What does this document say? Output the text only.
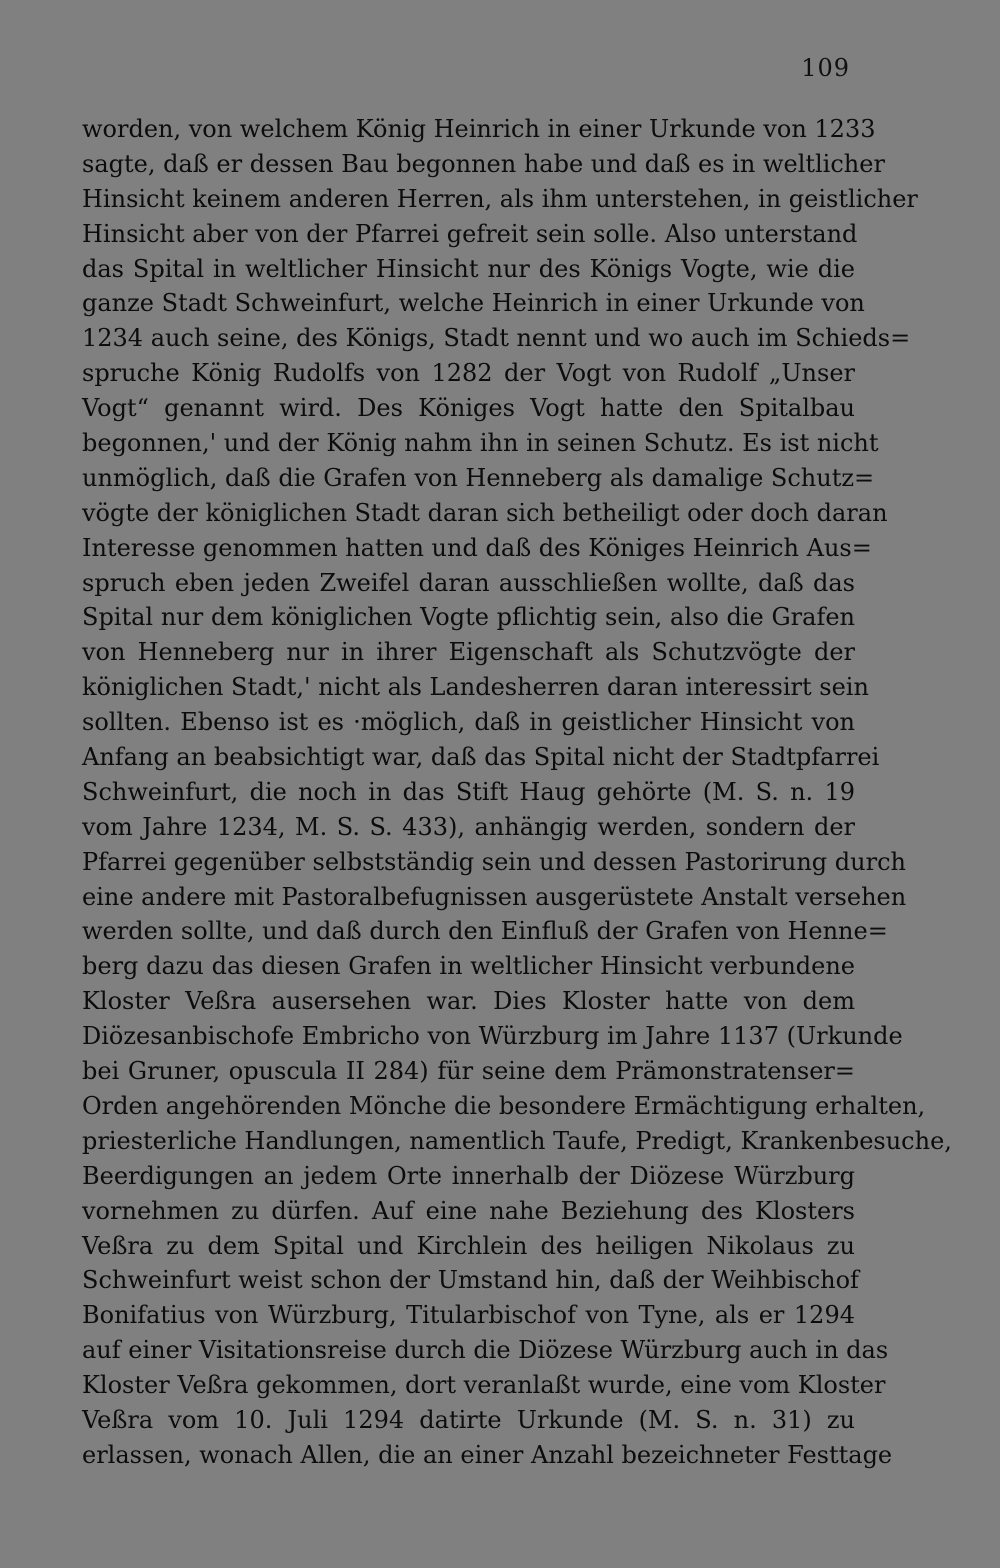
109
worden, von welchem König Heinrich in einer Urkunde von 1233
sagte, daß er dessen Bau begonnen habe und daß es in weltlicher
Hinsicht keinem anderen Herren, als ihm unterstehen, in geistlicher
Hinsicht aber von der Pfarrei gefreit sein solle. Also unterstand
das Spital in weltlicher Hinsicht nur des Königs Vogte, wie die
ganze Stadt Schweinfurt, welche Heinrich in einer Urkunde von
1234 auch seine, des Königs, Stadt nennt und wo auch im Schieds=
spruche König Rudolfs von 1282 der Vogt von Rudolf „Unser
Vogt“ genannt wird. Des Königes Vogt hatte den Spitalbau
begonnen,' und der König nahm ihn in seinen Schutz. Es ist nicht
unmöglich, daß die Grafen von Henneberg als damalige Schutz=
vögte der königlichen Stadt daran sich betheiligt oder doch daran
Interesse genommen hatten und daß des Königes Heinrich Aus=
spruch eben jeden Zweifel daran ausschließen wollte, daß das
Spital nur dem königlichen Vogte pflichtig sein, also die Grafen
von Henneberg nur in ihrer Eigenschaft als Schutzvögte der
königlichen Stadt,' nicht als Landesherren daran interessirt sein
sollten. Ebenso ist es ·möglich, daß in geistlicher Hinsicht von
Anfang an beabsichtigt war, daß das Spital nicht der Stadtpfarrei
Schweinfurt, die noch in das Stift Haug gehörte (M. S. n. 19
vom Jahre 1234, M. S. S. 433), anhängig werden, sondern der
Pfarrei gegenüber selbstständig sein und dessen Pastorirung durch
eine andere mit Pastoralbefugnissen ausgerüstete Anstalt versehen
werden sollte, und daß durch den Einfluß der Grafen von Henne=
berg dazu das diesen Grafen in weltlicher Hinsicht verbundene
Kloster Veßra ausersehen war. Dies Kloster hatte von dem
Diözesanbischofe Embricho von Würzburg im Jahre 1137 (Urkunde
bei Gruner, opuscula II 284) für seine dem Prämonstratenser=
Orden angehörenden Mönche die besondere Ermächtigung erhalten,
priesterliche Handlungen, namentlich Taufe, Predigt, Krankenbesuche,
Beerdigungen an jedem Orte innerhalb der Diözese Würzburg
vornehmen zu dürfen. Auf eine nahe Beziehung des Klosters
Veßra zu dem Spital und Kirchlein des heiligen Nikolaus zu
Schweinfurt weist schon der Umstand hin, daß der Weihbischof
Bonifatius von Würzburg, Titularbischof von Tyne, als er 1294
auf einer Visitationsreise durch die Diözese Würzburg auch in das
Kloster Veßra gekommen, dort veranlaßt wurde, eine vom Kloster
Veßra vom 10. Juli 1294 datirte Urkunde (M. S. n. 31) zu
erlassen, wonach Allen, die an einer Anzahl bezeichneter Festtage
